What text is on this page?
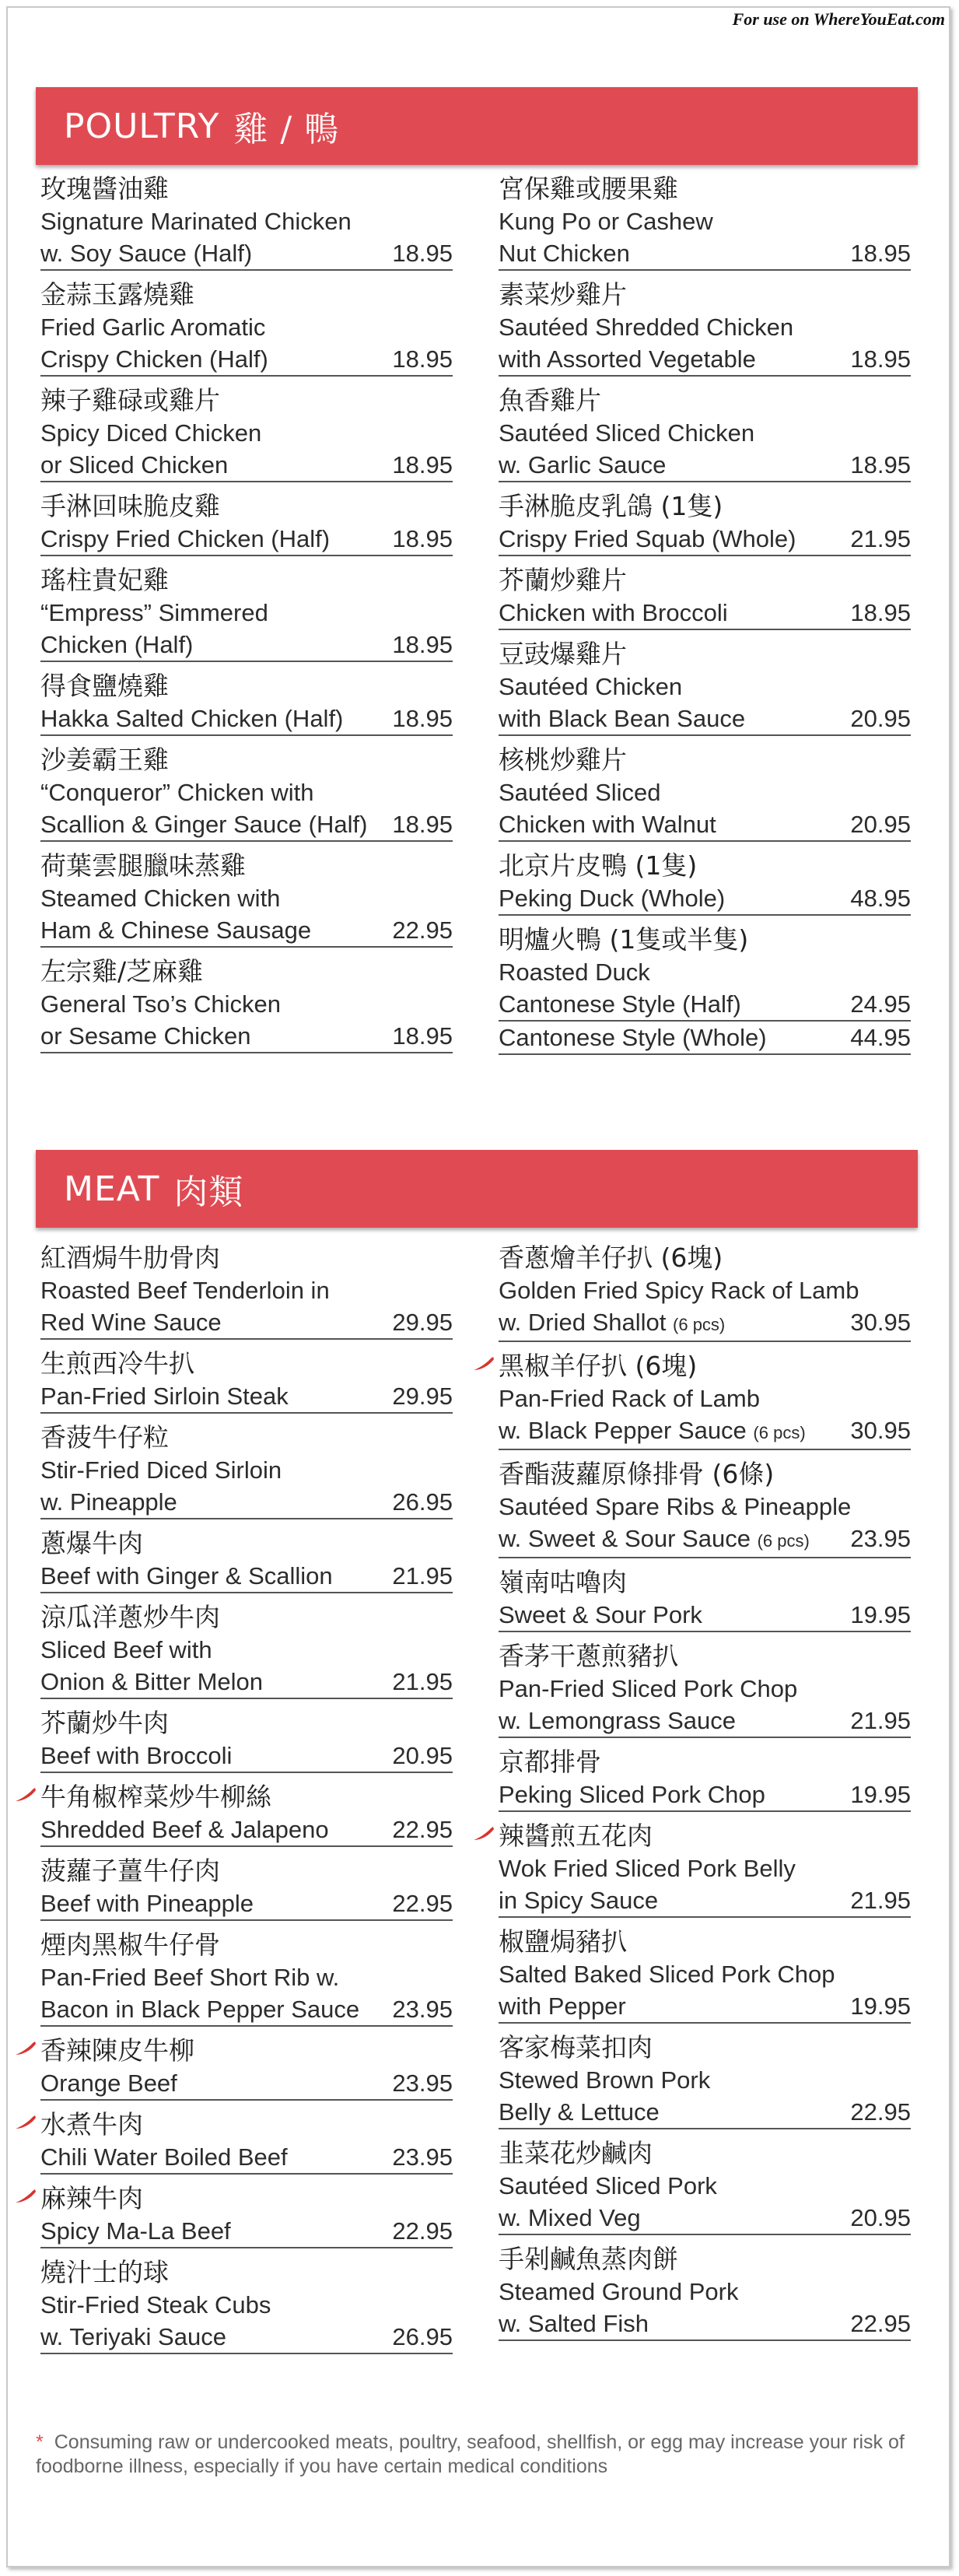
For use on WhereYouEat.com
POULTRY 雞 / 鴨
玫瑰醬油雞
Signature Marinated Chicken
w. Soy Sauce (Half)	18.95
金蒜玉露燒雞
Fried Garlic Aromatic
Crispy Chicken (Half)	18.95
辣子雞碌或雞片
Spicy Diced Chicken
or Sliced Chicken	18.95
手淋回味脆皮雞
Crispy Fried Chicken (Half)	18.95
瑤柱貴妃雞
“Empress” Simmered
Chicken (Half)	18.95
得食鹽燒雞
Hakka Salted Chicken (Half) 18.95
沙姜霸王雞
“Conqueror” Chicken with
Scallion & Ginger Sauce (Half) 18.95
荷葉雲腿臘味蒸雞
Steamed Chicken with
Ham & Chinese Sausage	22.95
左宗雞/芝麻雞
General Tso’s Chicken
or Sesame Chicken	18.95
宮保雞或腰果雞
Kung Po or Cashew
Nut Chicken	18.95
素菜炒雞片
Sautéed Shredded Chicken
with Assorted Vegetable	18.95
魚香雞片
Sautéed Sliced Chicken
w. Garlic Sauce	18.95
手淋脆皮乳鴿 (1隻)
Crispy Fried Squab (Whole) 21.95
芥蘭炒雞片
Chicken with Broccoli	18.95
豆豉爆雞片
Sautéed Chicken
with Black Bean Sauce	20.95
核桃炒雞片
Sautéed Sliced
Chicken with Walnut	20.95
北京片皮鴨 (1隻)
Peking Duck (Whole)	48.95
明爐火鴨 (1隻或半隻)
Roasted Duck
Cantonese Style (Half)	24.95
Cantonese Style (Whole)	44.95
MEAT 肉類
紅酒焗牛肋骨肉
Roasted Beef Tenderloin in
Red Wine Sauce	29.95
生煎西冷牛扒
Pan-Fried Sirloin Steak	29.95
香菠牛仔粒
Stir-Fried Diced Sirloin
w. Pineapple	26.95
蔥爆牛肉
Beef with Ginger & Scallion 21.95
涼瓜洋蔥炒牛肉
Sliced Beef with
Onion & Bitter Melon	21.95
芥蘭炒牛肉
Beef with Broccoli	20.95
牛角椒榨菜炒牛柳絲
Shredded Beef & Jalapeno	22.95
菠蘿子薑牛仔肉
Beef with Pineapple	22.95
煙肉黑椒牛仔骨
Pan-Fried Beef Short Rib w.
Bacon in Black Pepper Sauce 23.95
香辣陳皮牛柳
Orange Beef	23.95
水煮牛肉
Chili Water Boiled Beef	23.95
麻辣牛肉
Spicy Ma-La Beef	22.95
燒汁士的球
Stir-Fried Steak Cubs
w. Teriyaki Sauce	26.95
香蔥燴羊仔扒 (6塊)
Golden Fried Spicy Rack of Lamb
w. Dried Shallot (6 pcs)	30.95
黑椒羊仔扒 (6塊)
Pan-Fried Rack of Lamb
w. Black Pepper Sauce (6 pcs) 30.95
香酯菠蘿原條排骨 (6條)
Sautéed Spare Ribs & Pineapple
w. Sweet & Sour Sauce (6 pcs) 23.95
嶺南咕嚕肉
Sweet & Sour Pork	19.95
香茅干蔥煎豬扒
Pan-Fried Sliced Pork Chop
w. Lemongrass Sauce	21.95
京都排骨
Peking Sliced Pork Chop	19.95
辣醬煎五花肉
Wok Fried Sliced Pork Belly
in Spicy Sauce	21.95
椒鹽焗豬扒
Salted Baked Sliced Pork Chop
with Pepper	19.95
客家梅菜扣肉
Stewed Brown Pork
Belly & Lettuce	22.95
韭菜花炒鹹肉
Sautéed Sliced Pork
w. Mixed Veg	20.95
手剁鹹魚蒸肉餅
Steamed Ground Pork
w. Salted Fish	22.95
* Consuming raw or undercooked meats, poultry, seafood, shellfish, or egg may increase your risk of foodborne illness, especially if you have certain medical conditions
